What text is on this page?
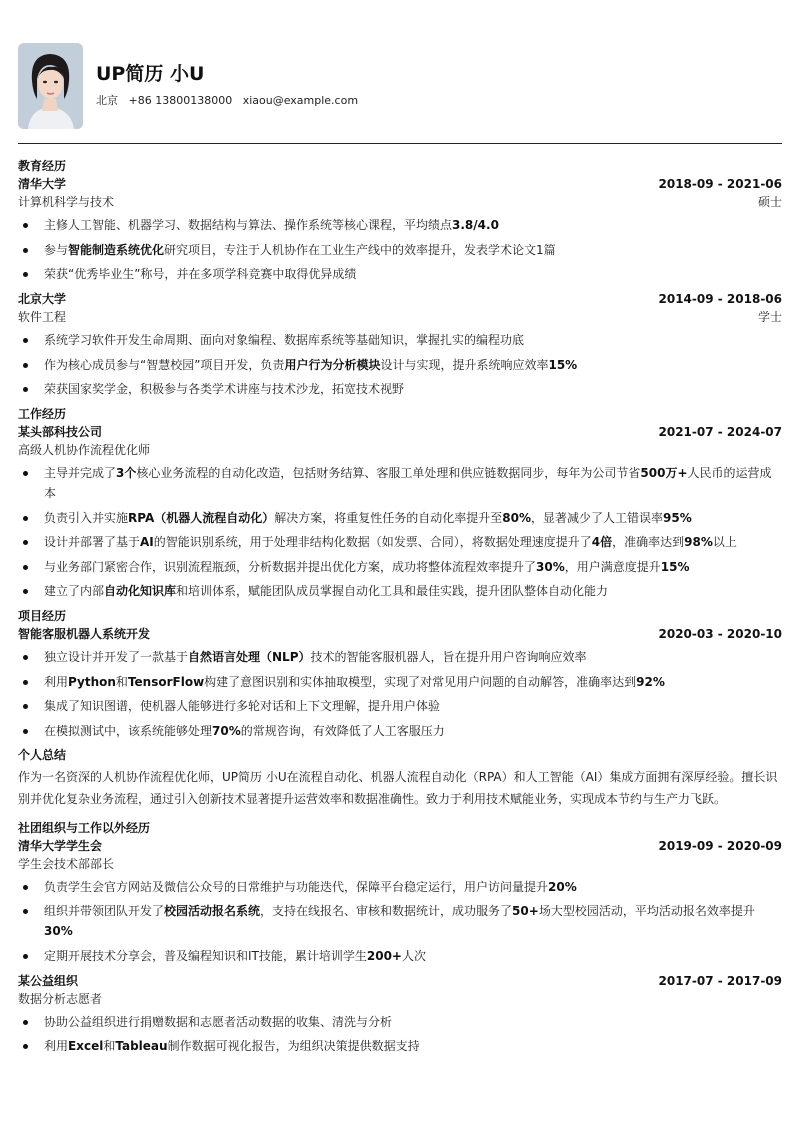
UP简历 小U
北京 +86 13800138000 xiaou@example.com
教育经历
清华大学	2018-09 - 2021-06
计算机科学与技术	硕士
主修人工智能、机器学习、数据结构与算法、操作系统等核心课程，平均绩点3.8/4.0
参与智能制造系统优化研究项目，专注于人机协作在工业生产线中的效率提升，发表学术论文1篇
荣获“优秀毕业生”称号，并在多项学科竞赛中取得优异成绩
北京大学	2014-09 - 2018-06
软件工程	学士
系统学习软件开发生命周期、面向对象编程、数据库系统等基础知识，掌握扎实的编程功底
作为核心成员参与“智慧校园”项目开发，负责用户行为分析模块设计与实现，提升系统响应效率15%
荣获国家奖学金，积极参与各类学术讲座与技术沙龙，拓宽技术视野
工作经历
某头部科技公司	2021-07 - 2024-07
高级人机协作流程优化师
主导并完成了3个核心业务流程的自动化改造，包括财务结算、客服工单处理和供应链数据同步，每年为公司节省500万+人民币的运营成本
负责引入并实施RPA（机器人流程自动化）解决方案，将重复性任务的自动化率提升至80%，显著减少了人工错误率95%
设计并部署了基于AI的智能识别系统，用于处理非结构化数据（如发票、合同），将数据处理速度提升了4倍，准确率达到98%以上
与业务部门紧密合作，识别流程瓶颈，分析数据并提出优化方案，成功将整体流程效率提升了30%，用户满意度提升15%
建立了内部自动化知识库和培训体系，赋能团队成员掌握自动化工具和最佳实践，提升团队整体自动化能力
项目经历
智能客服机器人系统开发	2020-03 - 2020-10
独立设计并开发了一款基于自然语言处理（NLP）技术的智能客服机器人，旨在提升用户咨询响应效率
利用Python和TensorFlow构建了意图识别和实体抽取模型，实现了对常见用户问题的自动解答，准确率达到92%
集成了知识图谱，使机器人能够进行多轮对话和上下文理解，提升用户体验
在模拟测试中，该系统能够处理70%的常规咨询，有效降低了人工客服压力
个人总结
作为一名资深的人机协作流程优化师，UP简历 小U在流程自动化、机器人流程自动化（RPA）和人工智能（AI）集成方面拥有深厚经验。擅长识别并优化复杂业务流程，通过引入创新技术显著提升运营效率和数据准确性。致力于利用技术赋能业务，实现成本节约与生产力飞跃。
社团组织与工作以外经历
清华大学学生会	2019-09 - 2020-09
学生会技术部部长
负责学生会官方网站及微信公众号的日常维护与功能迭代，保障平台稳定运行，用户访问量提升20%
组织并带领团队开发了校园活动报名系统，支持在线报名、审核和数据统计，成功服务了50+场大型校园活动，平均活动报名效率提升30%
定期开展技术分享会，普及编程知识和IT技能，累计培训学生200+人次
某公益组织	2017-07 - 2017-09
数据分析志愿者
协助公益组织进行捐赠数据和志愿者活动数据的收集、清洗与分析
利用Excel和Tableau制作数据可视化报告，为组织决策提供数据支持
